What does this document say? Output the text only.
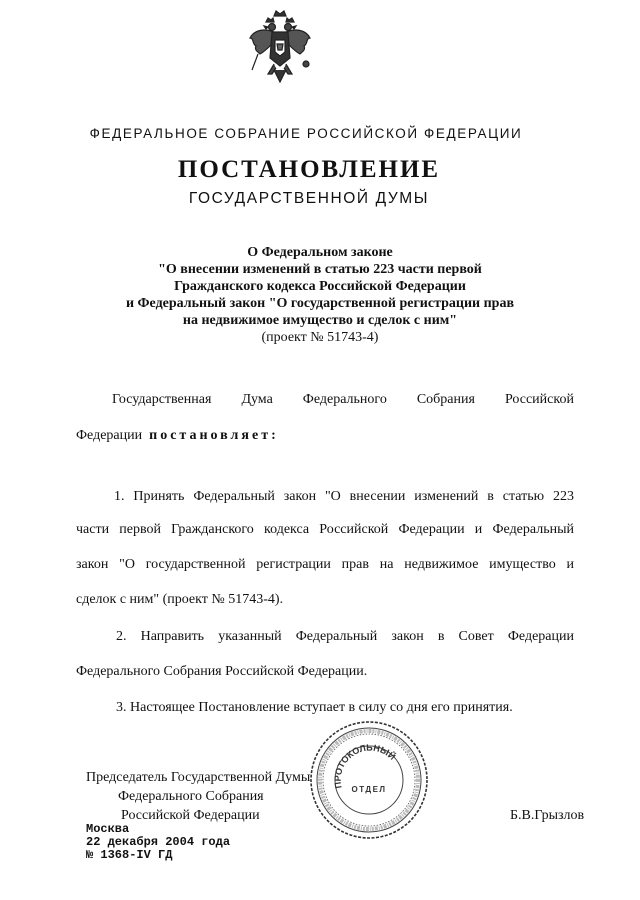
ФЕДЕРАЛЬНОЕ СОБРАНИЕ РОССИЙСКОЙ ФЕДЕРАЦИИ
ПОСТАНОВЛЕНИЕ
ГОСУДАРСТВЕННОЙ ДУМЫ
О Федеральном законе
"О внесении изменений в статью 223 части первой
Гражданского кодекса Российской Федерации
и Федеральный закон "О государственной регистрации прав
на недвижимое имущество и сделок с ним"
(проект № 51743-4)
Государственная Дума Федерального Собрания Российской
Федерации постановляет:
1. Принять Федеральный закон "О внесении изменений в статью 223
части первой Гражданского кодекса Российской Федерации и Федеральный
закон "О государственной регистрации прав на недвижимое имущество и
сделок с ним" (проект № 51743-4).
2. Направить указанный Федеральный закон в Совет Федерации
Федерального Собрания Российской Федерации.
3. Настоящее Постановление вступает в силу со дня его принятия.
Председатель Государственной Думы
Федерального Собрания
Российской Федерации	Б.В.Грызлов
Москва
22 декабря 2004 года
№ 1368-IV ГД
ПРОТОКОЛЬНЫЙ
ОТДЕЛ
